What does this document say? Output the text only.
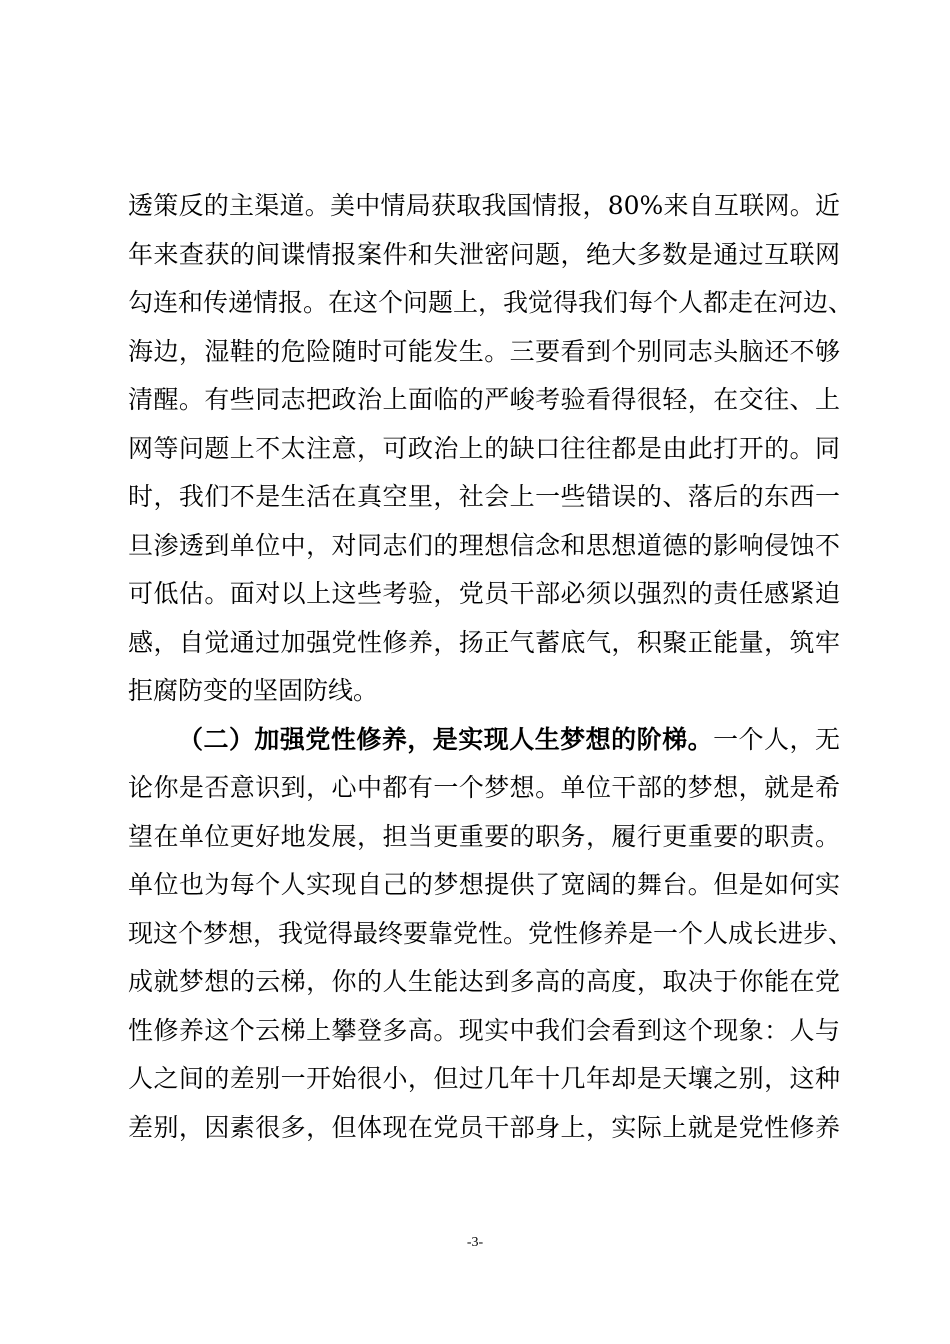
透策反的主渠道。美中情局获取我国情报，80%来自互联网。近
年来查获的间谍情报案件和失泄密问题，绝大多数是通过互联网
勾连和传递情报。在这个问题上，我觉得我们每个人都走在河边、
海边，湿鞋的危险随时可能发生。三要看到个别同志头脑还不够
清醒。有些同志把政治上面临的严峻考验看得很轻，在交往、上
网等问题上不太注意，可政治上的缺口往往都是由此打开的。同
时，我们不是生活在真空里，社会上一些错误的、落后的东西一
旦渗透到单位中，对同志们的理想信念和思想道德的影响侵蚀不
可低估。面对以上这些考验，党员干部必须以强烈的责任感紧迫
感，自觉通过加强党性修养，扬正气蓄底气，积聚正能量，筑牢
拒腐防变的坚固防线。
（二）加强党性修养，是实现人生梦想的阶梯。一个人，无
论你是否意识到，心中都有一个梦想。单位干部的梦想，就是希
望在单位更好地发展，担当更重要的职务，履行更重要的职责。
单位也为每个人实现自己的梦想提供了宽阔的舞台。但是如何实
现这个梦想，我觉得最终要靠党性。党性修养是一个人成长进步、
成就梦想的云梯，你的人生能达到多高的高度，取决于你能在党
性修养这个云梯上攀登多高。现实中我们会看到这个现象：人与
人之间的差别一开始很小，但过几年十几年却是天壤之别，这种
差别，因素很多，但体现在党员干部身上，实际上就是党性修养
-3-
